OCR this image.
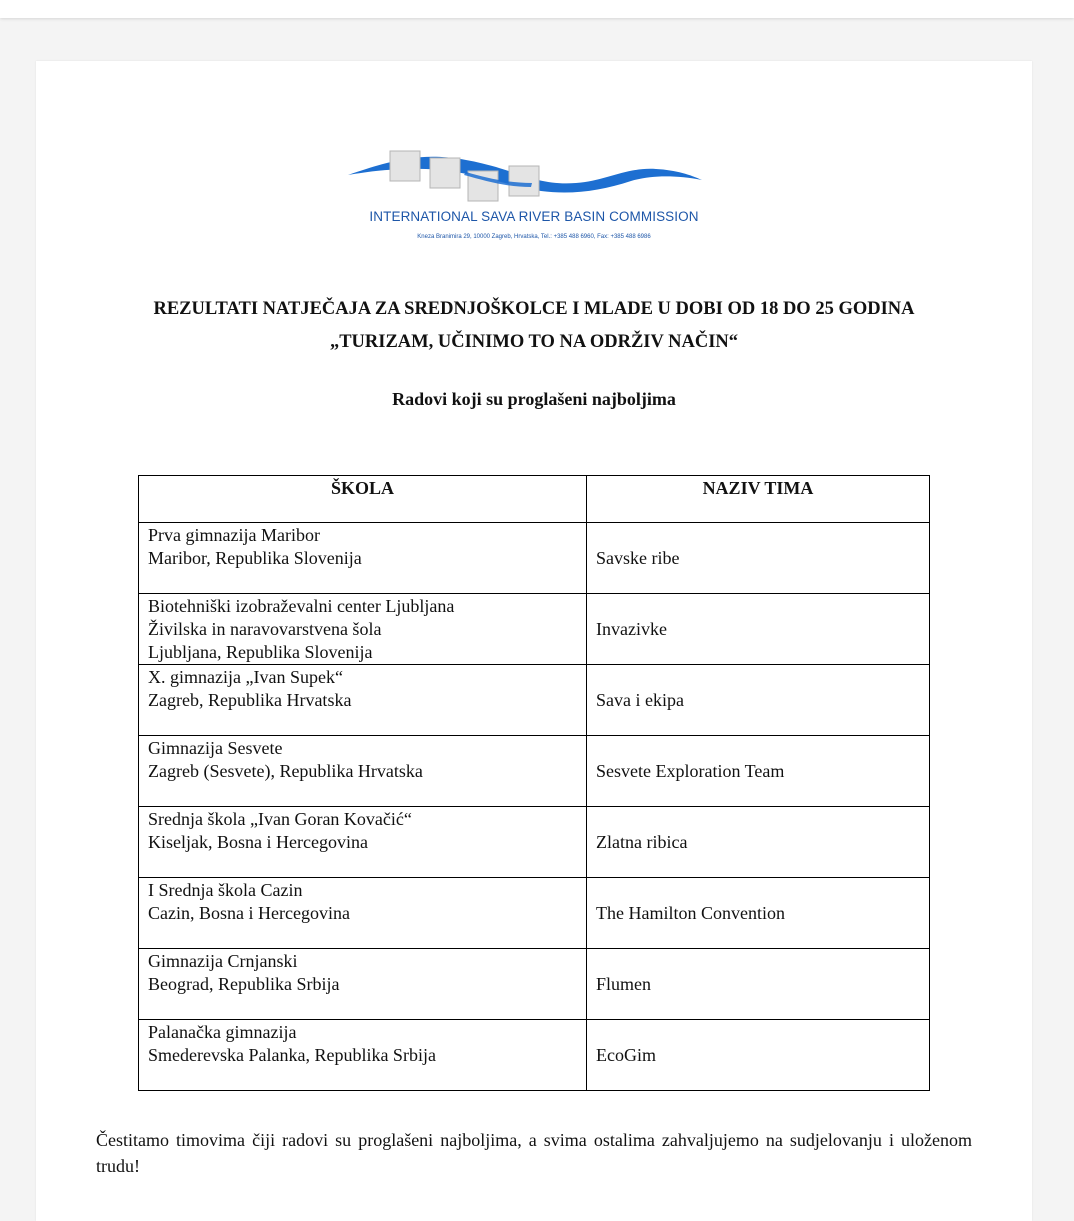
INTERNATIONAL SAVA RIVER BASIN COMMISSION
Kneza Branimira 29, 10000 Zagreb, Hrvatska, Tel.: +385 488 6960, Fax: +385 488 6986
REZULTATI NATJEČAJA ZA SREDNJOŠKOLCE I MLADE U DOBI OD 18 DO 25 GODINA
„TURIZAM, UČINIMO TO NA ODRŽIV NAČIN“
Radovi koji su proglašeni najboljima
ŠKOLA	NAZIV TIMA

Prva gimnazija Maribor
Maribor, Republika Slovenija	Savske ribe

Biotehniški izobraževalni center Ljubljana
Živilska in naravovarstvena šola
Ljubljana, Republika Slovenija	Invazivke

X. gimnazija „Ivan Supek“
Zagreb, Republika Hrvatska	Sava i ekipa

Gimnazija Sesvete
Zagreb (Sesvete), Republika Hrvatska	Sesvete Exploration Team

Srednja škola „Ivan Goran Kovačić“
Kiseljak, Bosna i Hercegovina	Zlatna ribica

I Srednja škola Cazin
Cazin, Bosna i Hercegovina	The Hamilton Convention

Gimnazija Crnjanski
Beograd, Republika Srbija	Flumen

Palanačka gimnazija
Smederevska Palanka, Republika Srbija	EcoGim
Čestitamo timovima čiji radovi su proglašeni najboljima, a svima ostalima zahvaljujemo na sudjelovanju i uloženom trudu!
